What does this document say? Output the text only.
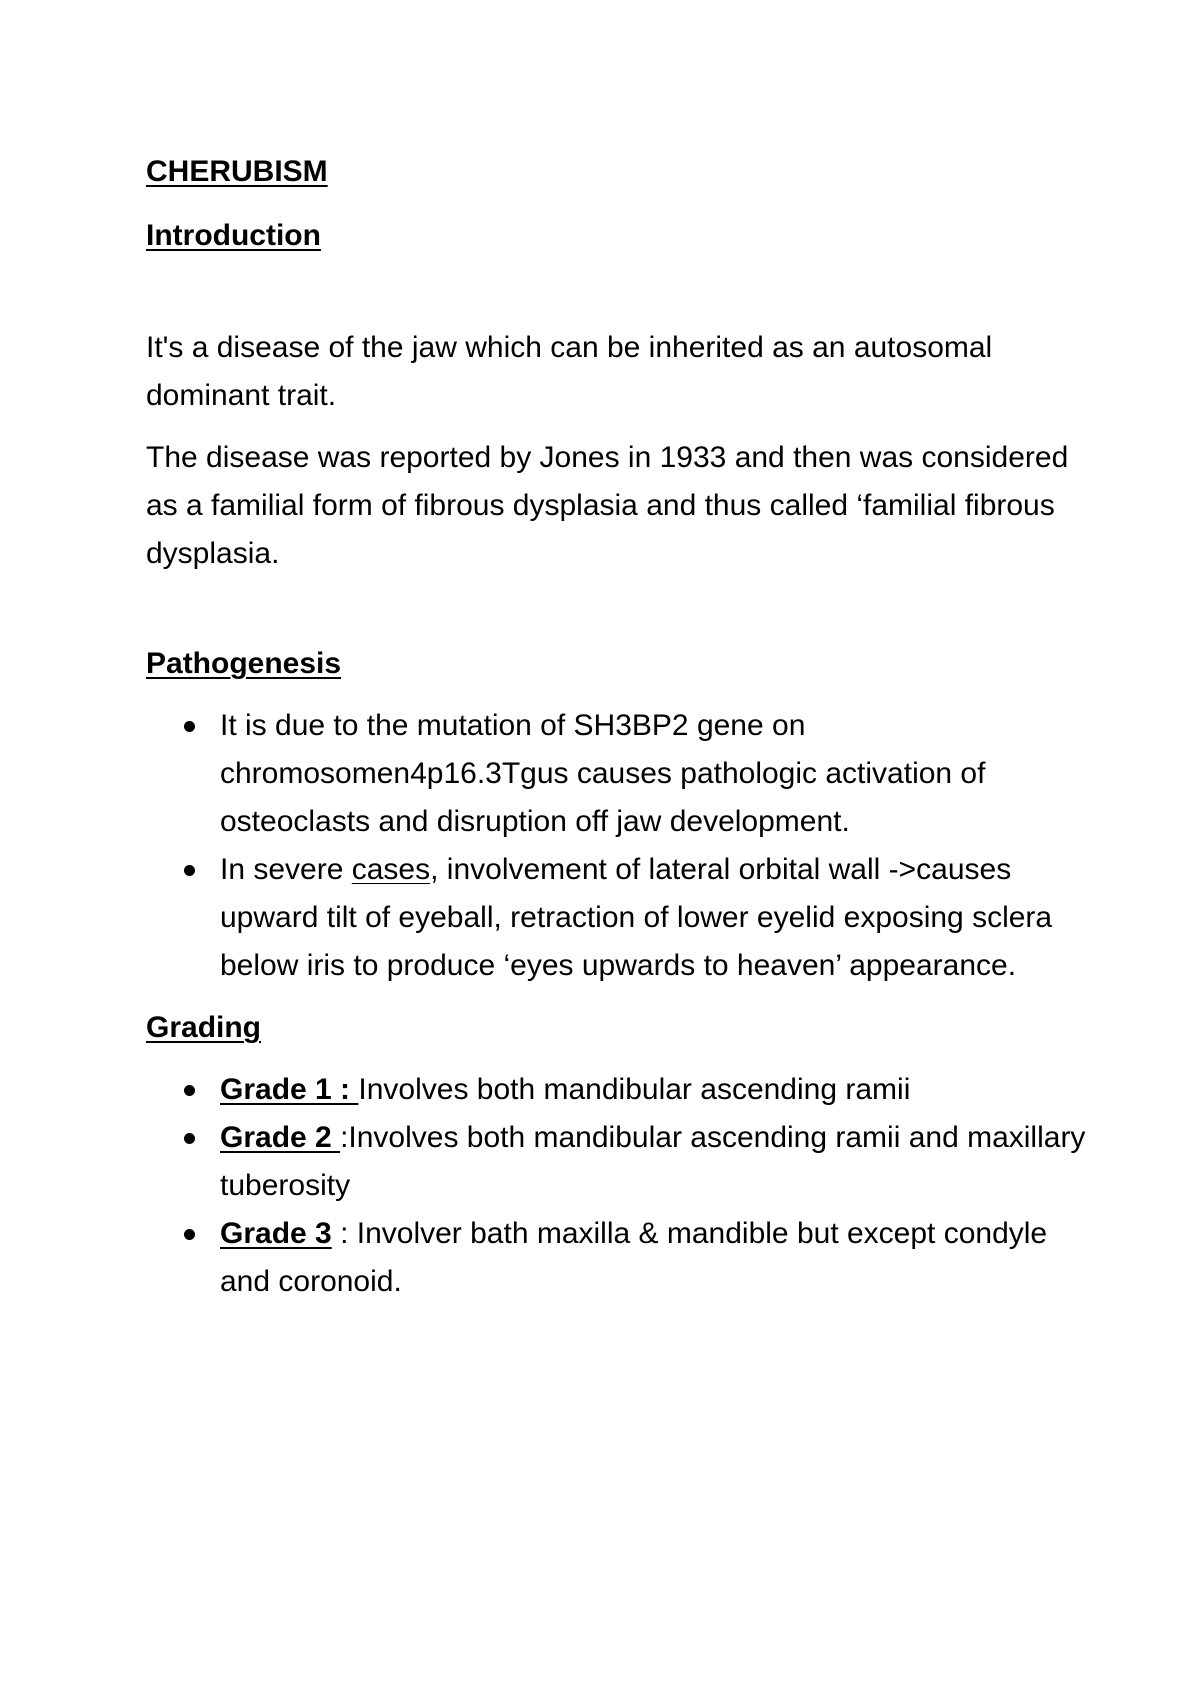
CHERUBISM

Introduction

It's a disease of the jaw which can be inherited as an autosomal dominant trait.

The disease was reported by Jones in 1933 and then was considered as a familial form of fibrous dysplasia and thus called ‘familial fibrous dysplasia.

Pathogenesis

It is due to the mutation of SH3BP2 gene on chromosomen4p16.3Tgus causes pathologic activation of osteoclasts and disruption off jaw development.
In severe cases, involvement of lateral orbital wall ->causes upward tilt of eyeball, retraction of lower eyelid exposing sclera below iris to produce ‘eyes upwards to heaven’ appearance.

Grading

Grade 1 : Involves both mandibular ascending ramii
Grade 2 :Involves both mandibular ascending ramii and maxillary tuberosity
Grade 3 : Involver bath maxilla & mandible but except condyle and coronoid.
